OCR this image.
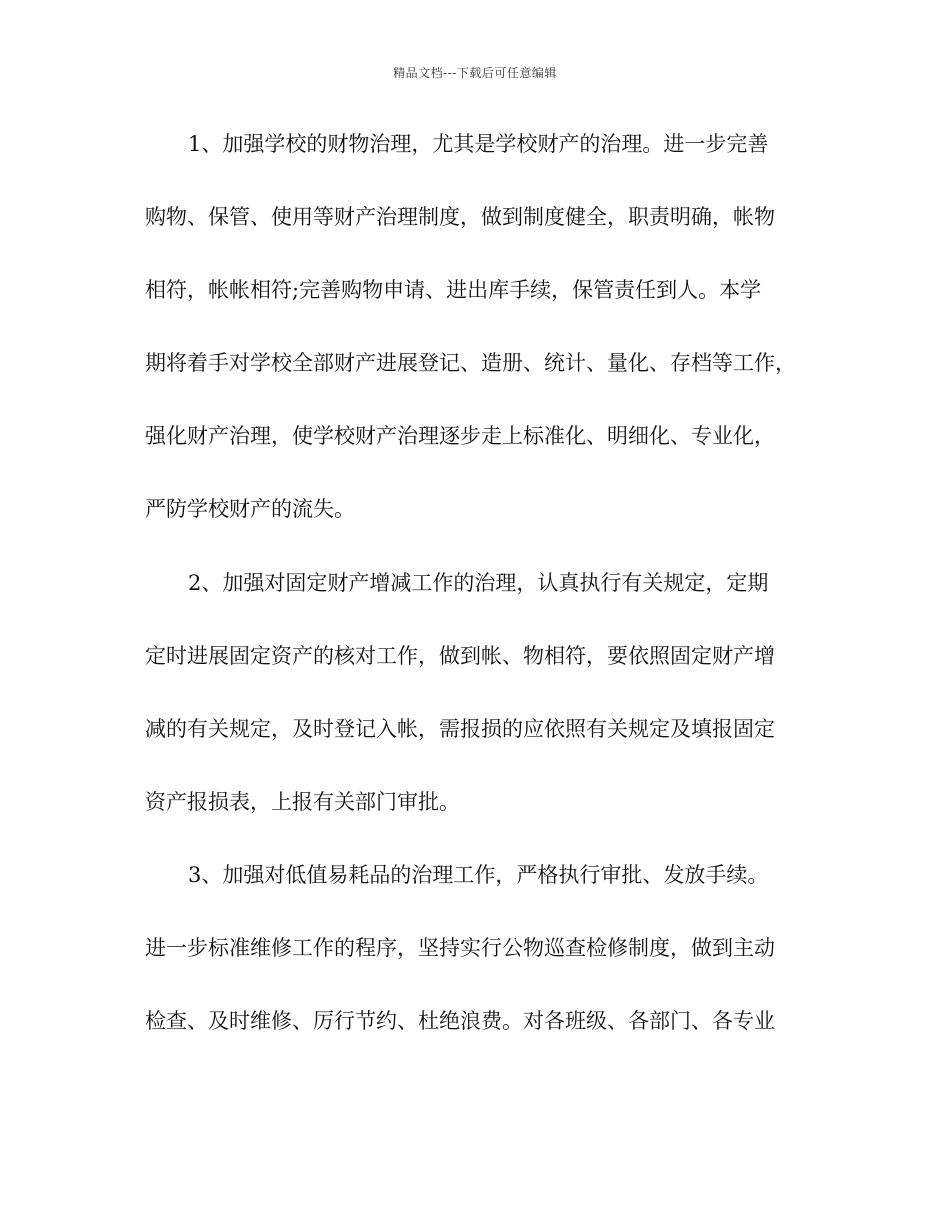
精品文档---下载后可任意编辑
1、加强学校的财物治理，尤其是学校财产的治理。进一步完善
购物、保管、使用等财产治理制度，做到制度健全，职责明确，帐物
相符，帐帐相符;完善购物申请、进出库手续，保管责任到人。本学
期将着手对学校全部财产进展登记、造册、统计、量化、存档等工作，
强化财产治理，使学校财产治理逐步走上标准化、明细化、专业化，
严防学校财产的流失。
2、加强对固定财产增减工作的治理，认真执行有关规定，定期
定时进展固定资产的核对工作，做到帐、物相符，要依照固定财产增
减的有关规定，及时登记入帐，需报损的应依照有关规定及填报固定
资产报损表，上报有关部门审批。
3、加强对低值易耗品的治理工作，严格执行审批、发放手续。
进一步标准维修工作的程序，坚持实行公物巡查检修制度，做到主动
检查、及时维修、厉行节约、杜绝浪费。对各班级、各部门、各专业
